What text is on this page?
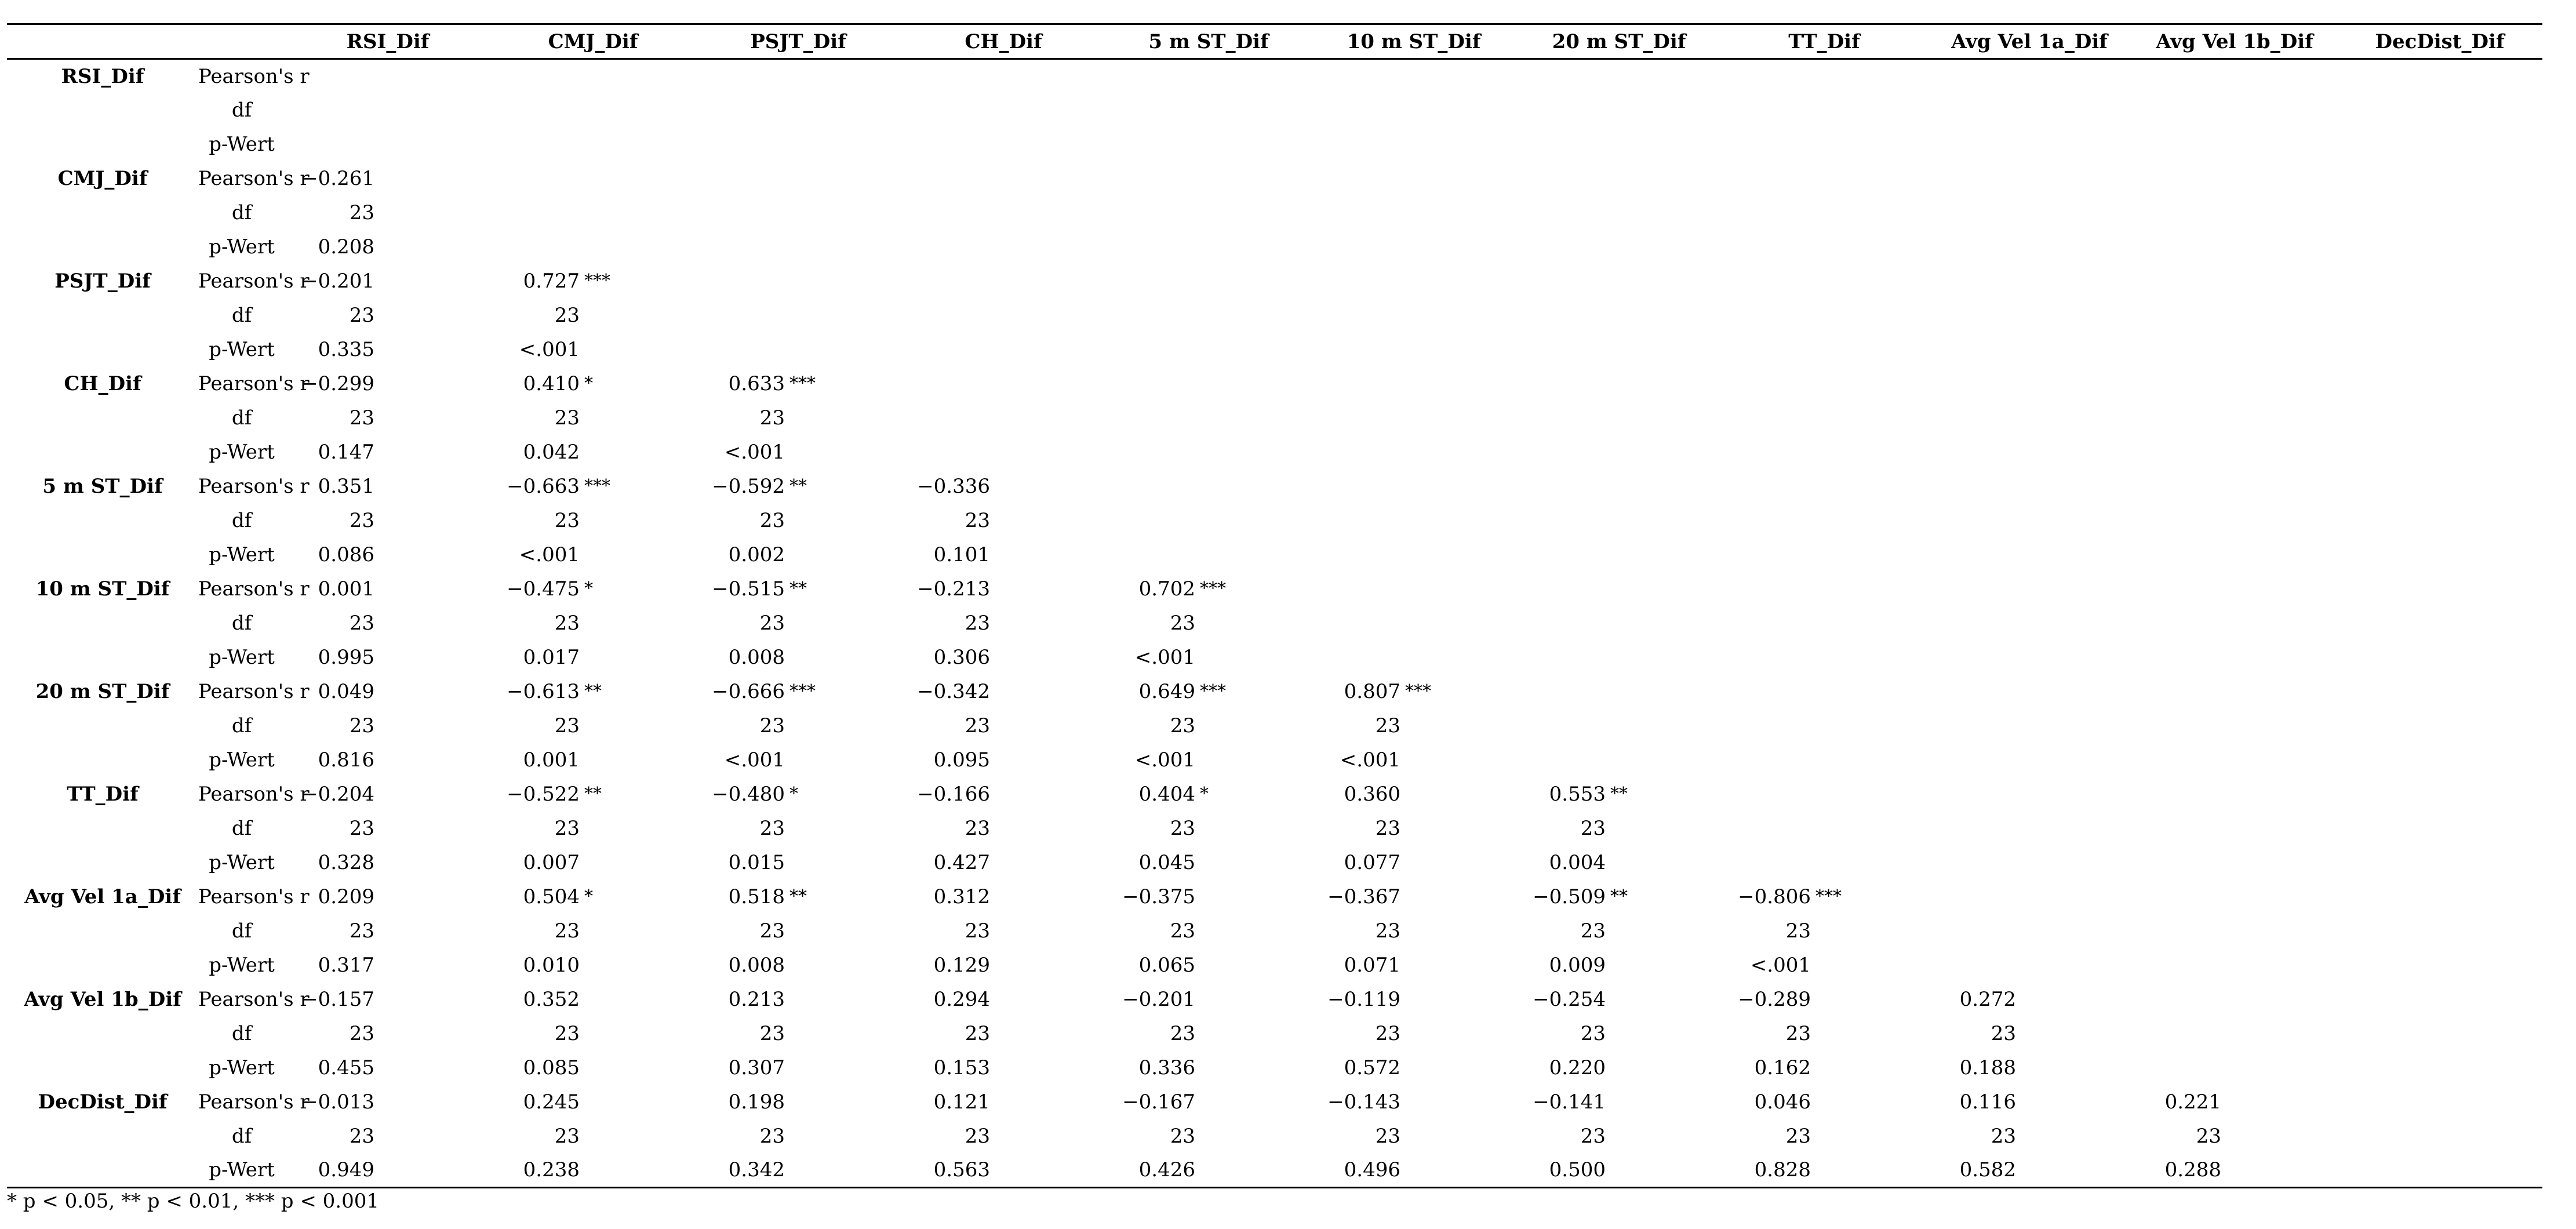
		RSI_Dif	CMJ_Dif	PSJT_Dif	CH_Dif	5 m ST_Dif	10 m ST_Dif	20 m ST_Dif	TT_Dif	Avg Vel 1a_Dif	Avg Vel 1b_Dif	DecDist_Dif
RSI_Dif	Pearson's r											
	df											
	p-Wert											
CMJ_Dif	Pearson's r	−0.261										

	df	23										

	p-Wert	0.208										

PSJT_Dif	Pearson's r	−0.201	0.727 ***									

	df	23	23									

	p-Wert	0.335	<.001									

CH_Dif	Pearson's r	−0.299	0.410 *	0.633 ***								

	df	23	23	23								

	p-Wert	0.147	0.042	<.001								

5 m ST_Dif	Pearson's r	0.351	−0.663 ***	−0.592 **	−0.336							

	df	23	23	23	23							

	p-Wert	0.086	<.001	0.002	0.101							

10 m ST_Dif	Pearson's r	0.001	−0.475 *	−0.515 **	−0.213	0.702 ***						

	df	23	23	23	23	23						

	p-Wert	0.995	0.017	0.008	0.306	<.001						

20 m ST_Dif	Pearson's r	0.049	−0.613 **	−0.666 ***	−0.342	0.649 ***	0.807 ***					

	df	23	23	23	23	23	23					

	p-Wert	0.816	0.001	<.001	0.095	<.001	<.001					

TT_Dif	Pearson's r	−0.204	−0.522 **	−0.480 *	−0.166	0.404 *	0.360	0.553 **				

	df	23	23	23	23	23	23	23				

	p-Wert	0.328	0.007	0.015	0.427	0.045	0.077	0.004				

Avg Vel 1a_Dif	Pearson's r	0.209	0.504 *	0.518 **	0.312	−0.375	−0.367	−0.509 **	−0.806 ***			

	df	23	23	23	23	23	23	23	23			

	p-Wert	0.317	0.010	0.008	0.129	0.065	0.071	0.009	<.001			

Avg Vel 1b_Dif	Pearson's r	−0.157	0.352	0.213	0.294	−0.201	−0.119	−0.254	−0.289	0.272		

	df	23	23	23	23	23	23	23	23	23		

	p-Wert	0.455	0.085	0.307	0.153	0.336	0.572	0.220	0.162	0.188		

DecDist_Dif	Pearson's r	−0.013	0.245	0.198	0.121	−0.167	−0.143	−0.141	0.046	0.116	0.221	

	df	23	23	23	23	23	23	23	23	23	23	

	p-Wert	0.949	0.238	0.342	0.563	0.426	0.496	0.500	0.828	0.582	0.288	

* p < 0.05, ** p < 0.01, *** p < 0.001
